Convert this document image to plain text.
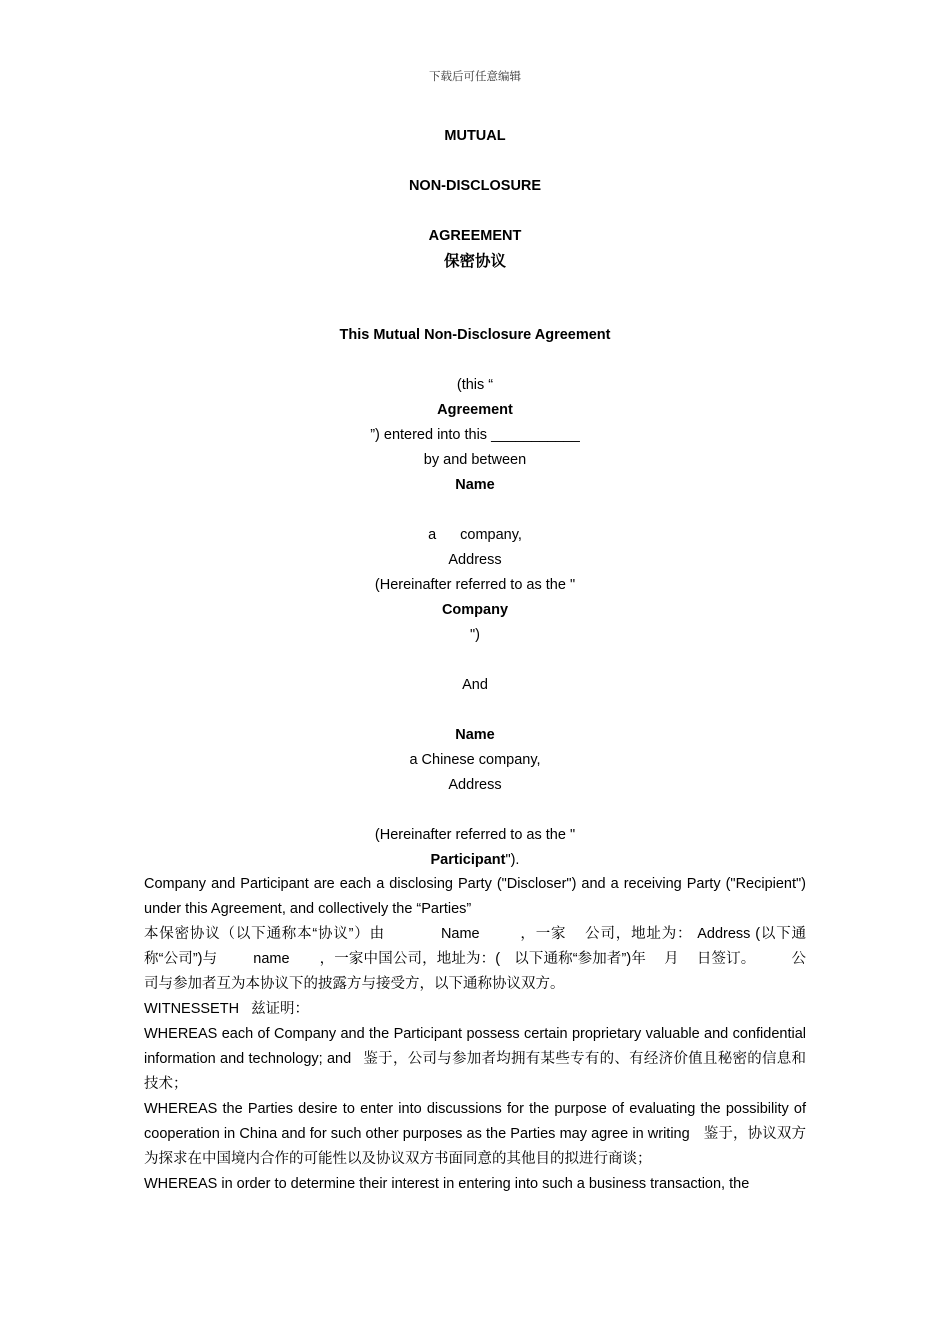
下载后可任意编辑
MUTUAL
NON-DISCLOSURE
AGREEMENT
保密协议
This Mutual Non-Disclosure Agreement
(this “
Agreement
”) entered into this ___________
by and between
Name
a company,
Address
(Hereinafter referred to as the "
Company
")
And
Name
a Chinese company,
Address
(Hereinafter referred to as the "
Participant").

Company and Participant are each a disclosing Party ("Discloser") and a receiving Party ("Recipient") under this Agreement, and collectively the “Parties”

本保密协议（以下通称本“协议”）由	Name	，一家 公司，地址为： Address (以下通称“公司”)与 name ，一家中国公司，地址为：( 以下通称“参加者”)年 月 日签订。 公司与参加者互为本协议下的披露方与接受方，以下通称协议双方。

WITNESSETH 兹证明：

WHEREAS each of Company and the Participant possess certain proprietary valuable and confidential information and technology; and 鉴于，公司与参加者均拥有某些专有的、有经济价值且秘密的信息和技术；

WHEREAS the Parties desire to enter into discussions for the purpose of evaluating the possibility of cooperation in China and for such other purposes as the Parties may agree in writing 鉴于，协议双方为探求在中国境内合作的可能性以及协议双方书面同意的其他目的拟进行商谈；

WHEREAS in order to determine their interest in entering into such a business transaction, the
